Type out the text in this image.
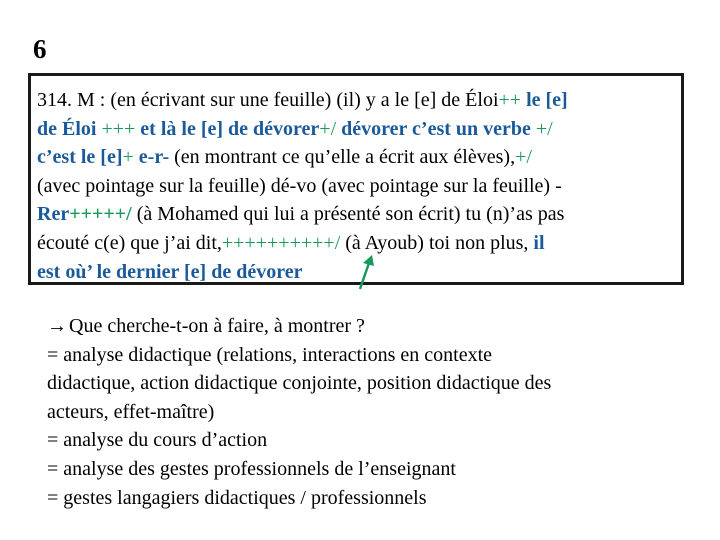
6
314. M : (en écrivant sur une feuille) (il) y a le [e] de Éloi++ le [e]
de Éloi +++ et là le [e] de dévorer+/ dévorer c’est un verbe +/
c’est le [e]+ e-r- (en montrant ce qu’elle a écrit aux élèves),+/
(avec pointage sur la feuille) dé-vo (avec pointage sur la feuille) -
Rer+++++/ (à Mohamed qui lui a présenté son écrit) tu (n)’as pas
écouté c(e) que j’ai dit,++++++++++/ (à Ayoub) toi non plus, il
est où’ le dernier [e] de dévorer
→ Que cherche-t-on à faire, à montrer ?
= analyse didactique (relations, interactions en contexte
didactique, action didactique conjointe, position didactique des
acteurs, effet-maître)
= analyse du cours d’action
= analyse des gestes professionnels de l’enseignant
= gestes langagiers didactiques / professionnels
